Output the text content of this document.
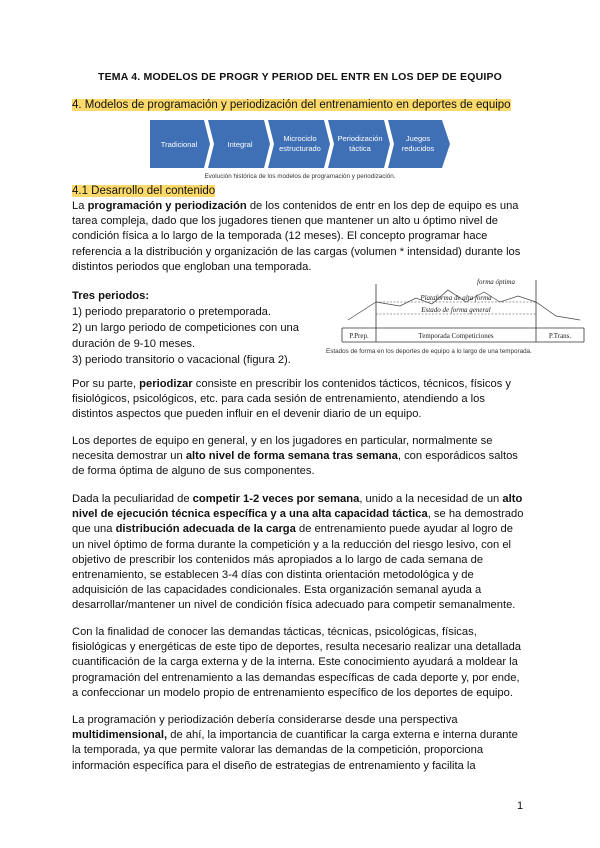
TEMA 4. MODELOS DE PROGR Y PERIOD DEL ENTR EN LOS DEP DE EQUIPO
4. Modelos de programación y periodización del entrenamiento en deportes de equipo
Tradicional	Integral
Microciclo
estructurado
Periodización
táctica
Juegos
reducidos
Evolución histórica de los modelos de programación y periodización.
4.1 Desarrollo del contenido

La programación y periodización de los contenidos de entr en los dep de equipo es una tarea compleja, dado que los jugadores tienen que mantener un alto u óptimo nivel de condición física a lo largo de la temporada (12 meses). El concepto programar hace referencia a la distribución y organización de las cargas (volumen * intensidad) durante los distintos periodos que engloban una temporada.

Tres periodos:
1) periodo preparatorio o pretemporada.
2) un largo periodo de competiciones con una duración de 9-10 meses.
3) periodo transitorio o vacacional (figura 2).
forma óptima
Plataforma de alta forma
Estado de forma general
P.Prep.	Temporada Competiciones	P.Trans.
Estados de forma en los deportes de equipo a lo largo de una temporada.

Por su parte, periodizar consiste en prescribir los contenidos tácticos, técnicos, físicos y fisiológicos, psicológicos, etc. para cada sesión de entrenamiento, atendiendo a los distintos aspectos que pueden influir en el devenir diario de un equipo.

Los deportes de equipo en general, y en los jugadores en particular, normalmente se necesita demostrar un alto nivel de forma semana tras semana, con esporádicos saltos de forma óptima de alguno de sus componentes.

Dada la peculiaridad de competir 1-2 veces por semana, unido a la necesidad de un alto nivel de ejecución técnica específica y a una alta capacidad táctica, se ha demostrado que una distribución adecuada de la carga de entrenamiento puede ayudar al logro de un nivel óptimo de forma durante la competición y a la reducción del riesgo lesivo, con el objetivo de prescribir los contenidos más apropiados a lo largo de cada semana de entrenamiento, se establecen 3-4 días con distinta orientación metodológica y de adquisición de las capacidades condicionales. Esta organización semanal ayuda a desarrollar/mantener un nivel de condición física adecuado para competir semanalmente.

Con la finalidad de conocer las demandas tácticas, técnicas, psicológicas, físicas, fisiológicas y energéticas de este tipo de deportes, resulta necesario realizar una detallada cuantificación de la carga externa y de la interna. Este conocimiento ayudará a moldear la programación del entrenamiento a las demandas específicas de cada deporte y, por ende, a confeccionar un modelo propio de entrenamiento específico de los deportes de equipo.

La programación y periodización debería considerarse desde una perspectiva multidimensional, de ahí, la importancia de cuantificar la carga externa e interna durante la temporada, ya que permite valorar las demandas de la competición, proporciona información específica para el diseño de estrategias de entrenamiento y facilita la

1
